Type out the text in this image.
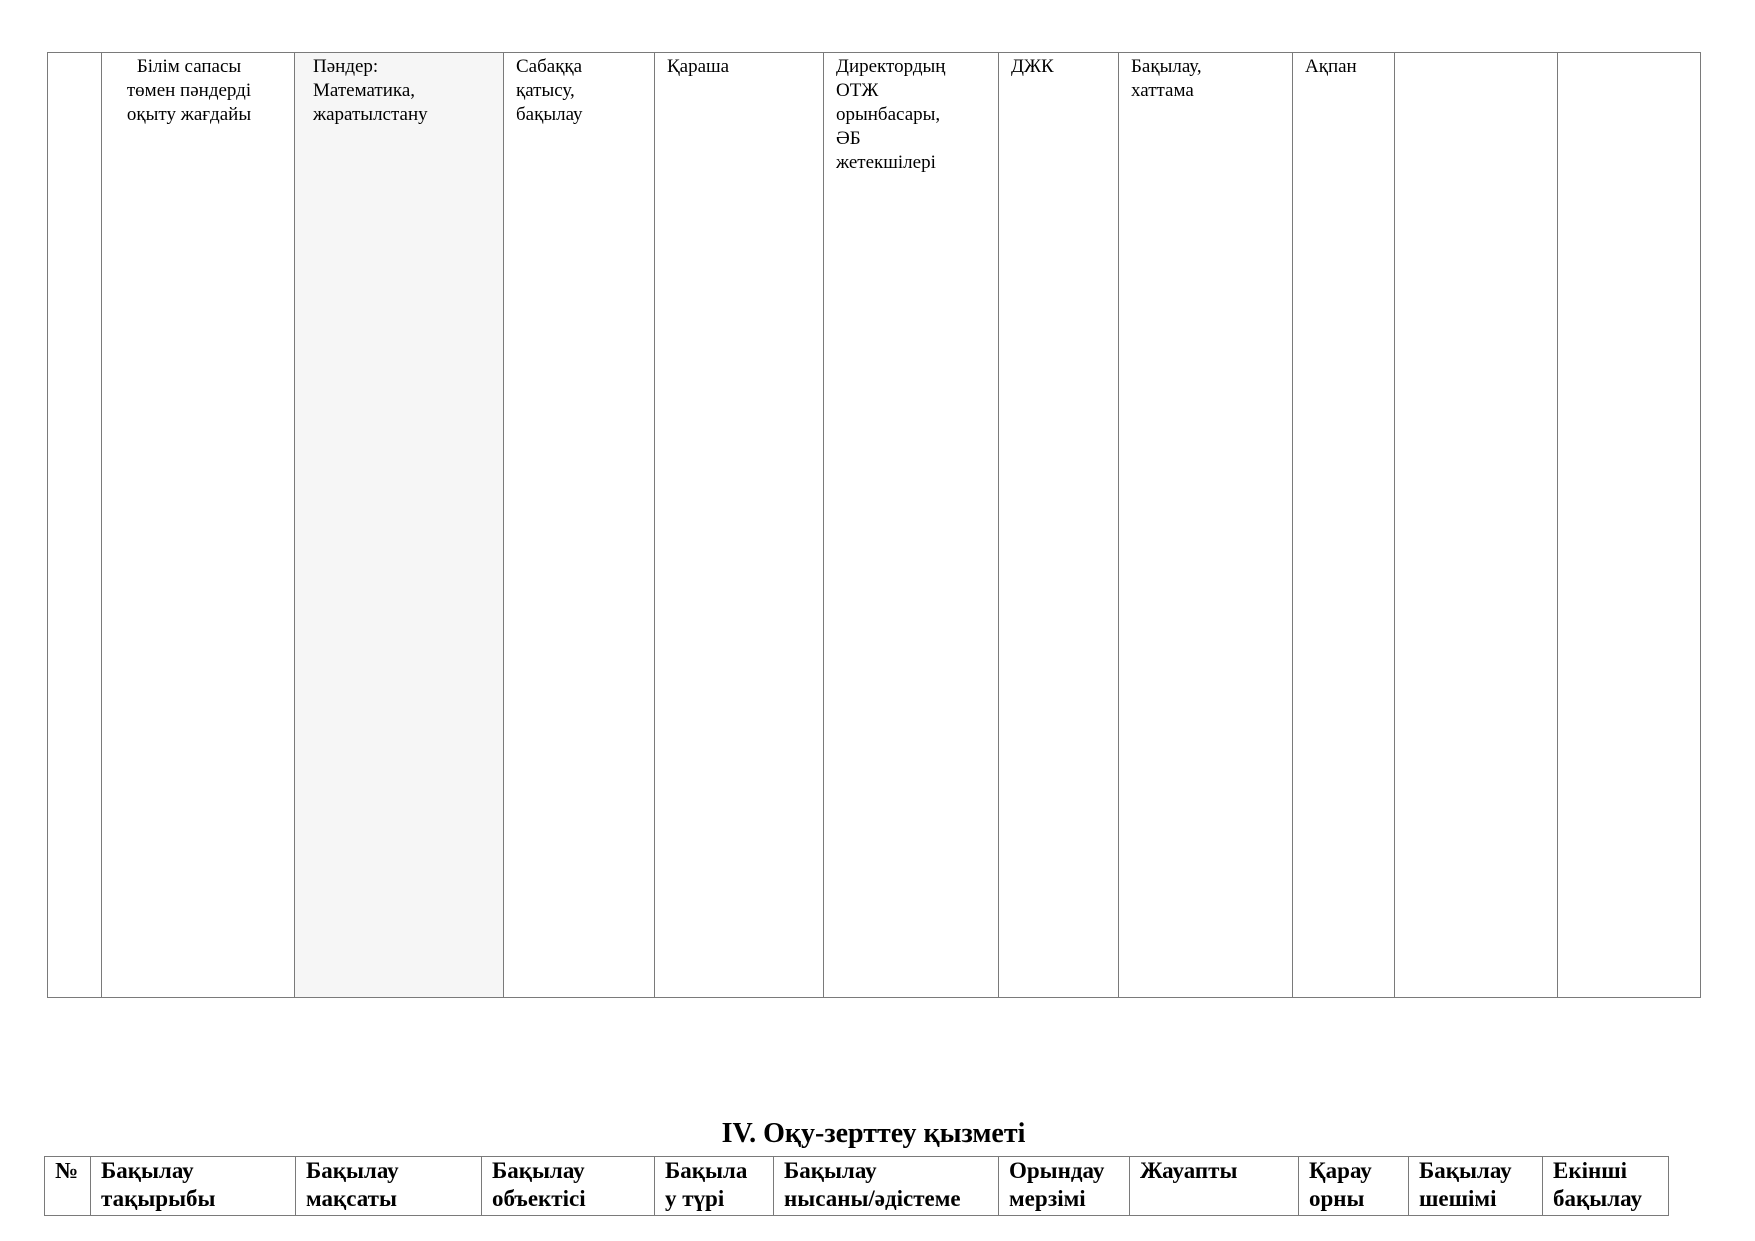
	Білім сапасы
төмен пәндерді
оқыту жағдайы	Пәндер:
Математика,
жаратылстану	Сабаққа
қатысу,
бақылау	Қараша	Директордың
ОТЖ
орынбасары,
ӘБ
жетекшілері	ДЖК	Бақылау,
хаттама	Ақпан		
IV. Оқу-зерттеу қызметі
№	Бақылау
тақырыбы	Бақылау
мақсаты	Бақылау
объектісі	Бақыла
у түрі	Бақылау
нысаны/әдістеме	Орындау
мерзімі	Жауапты	Қарау
орны	Бақылау
шешімі	Екінші
бақылау
